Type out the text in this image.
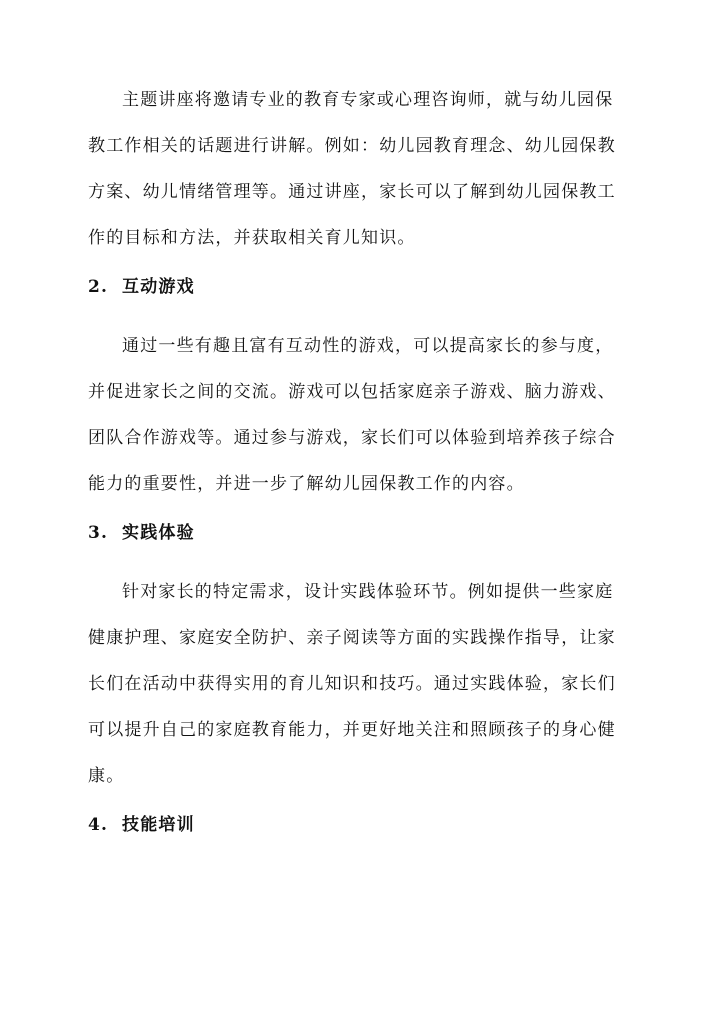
主题讲座将邀请专业的教育专家或心理咨询师，就与幼儿园保
教工作相关的话题进行讲解。例如：幼儿园教育理念、幼儿园保教
方案、幼儿情绪管理等。通过讲座，家长可以了解到幼儿园保教工
作的目标和方法，并获取相关育儿知识。
2. 互动游戏
通过一些有趣且富有互动性的游戏，可以提高家长的参与度，
并促进家长之间的交流。游戏可以包括家庭亲子游戏、脑力游戏、
团队合作游戏等。通过参与游戏，家长们可以体验到培养孩子综合
能力的重要性，并进一步了解幼儿园保教工作的内容。
3. 实践体验
针对家长的特定需求，设计实践体验环节。例如提供一些家庭
健康护理、家庭安全防护、亲子阅读等方面的实践操作指导，让家
长们在活动中获得实用的育儿知识和技巧。通过实践体验，家长们
可以提升自己的家庭教育能力，并更好地关注和照顾孩子的身心健
康。
4. 技能培训
